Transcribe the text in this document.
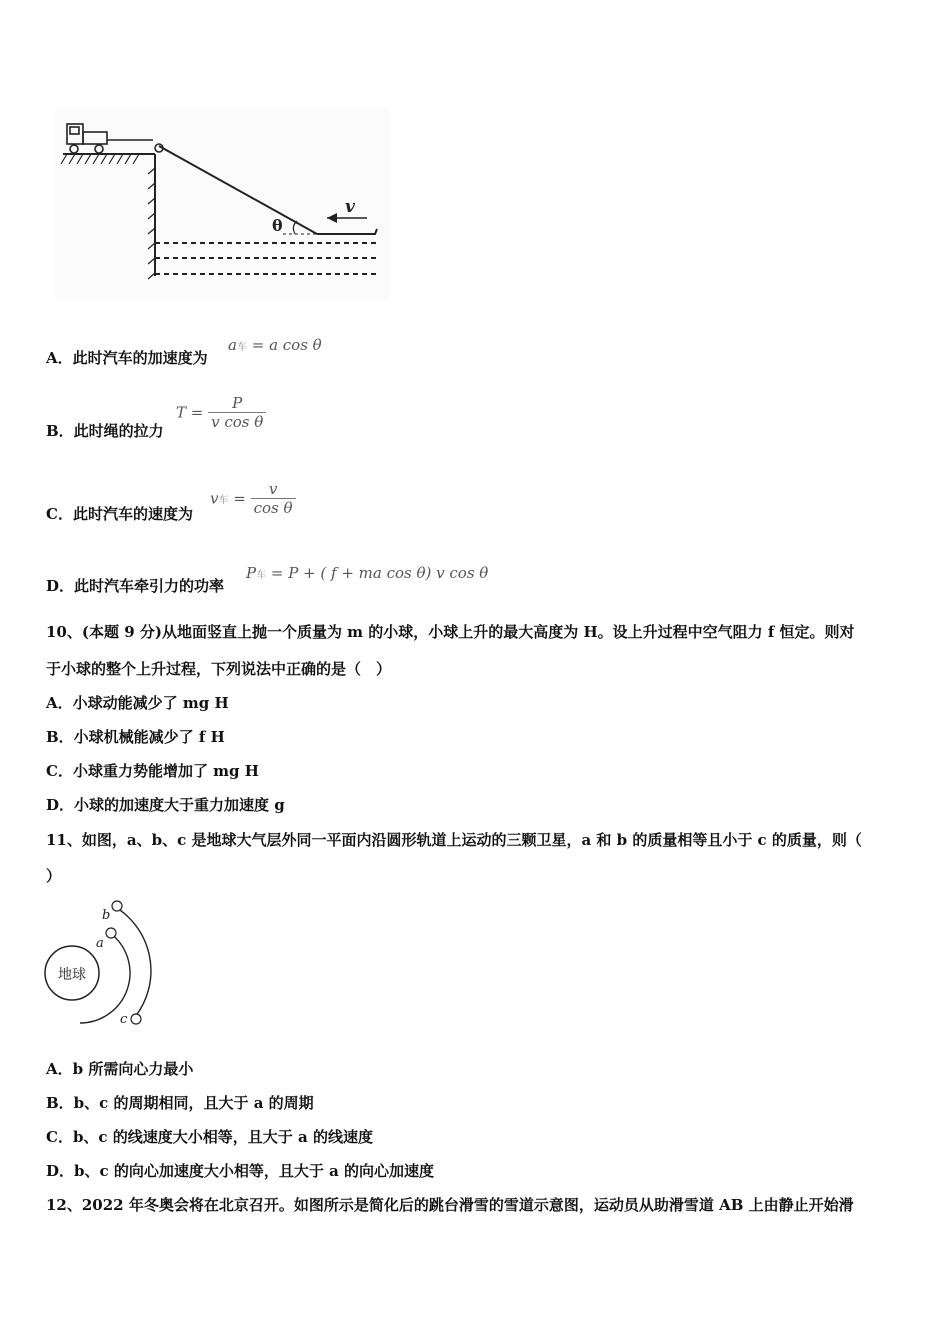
θ
v
A．此时汽车的加速度为
a车 = a cos θ
B．此时绳的拉力
$T = \frac{P}{\text{v cos θ}}$
C．此时汽车的速度为
v车 = $\frac{v}{\text{cos θ}}$
D．此时汽车牵引力的功率
P车 = P + ( f + ma cos θ) v cos θ
10、(本题 9 分)从地面竖直上抛一个质量为 m 的小球，小球上升的最大高度为 H。设上升过程中空气阻力 f 恒定。则对
于小球的整个上升过程，下列说法中正确的是（　）
A．小球动能减少了 mg H
B．小球机械能减少了 f H
C．小球重力势能增加了 mg H
D．小球的加速度大于重力加速度 g
11、如图，a、b、c 是地球大气层外同一平面内沿圆形轨道上运动的三颗卫星，a 和 b 的质量相等且小于 c 的质量，则（
）
地球
a
b
c
A．b 所需向心力最小
B．b、c 的周期相同，且大于 a 的周期
C．b、c 的线速度大小相等，且大于 a 的线速度
D．b、c 的向心加速度大小相等，且大于 a 的向心加速度
12、2022 年冬奥会将在北京召开。如图所示是简化后的跳台滑雪的雪道示意图，运动员从助滑雪道 AB 上由静止开始滑
